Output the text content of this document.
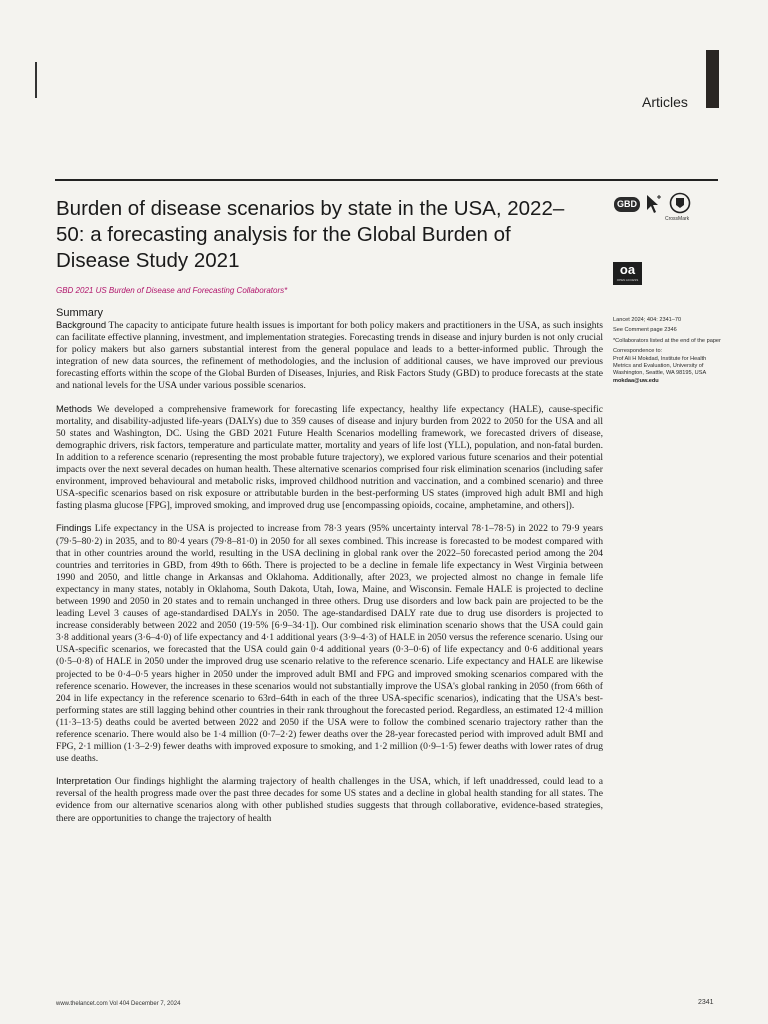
Articles
Burden of disease scenarios by state in the USA, 2022–50: a forecasting analysis for the Global Burden of Disease Study 2021
GBD 2021 US Burden of Disease and Forecasting Collaborators*
GBD
CrossMark
oa
OPEN ACCESS
Summary

Background The capacity to anticipate future health issues is important for both policy makers and practitioners in the USA, as such insights can facilitate effective planning, investment, and implementation strategies. Forecasting trends in disease and injury burden is not only crucial for policy makers but also garners substantial interest from the general populace and leads to a better-informed public. Through the integration of new data sources, the refinement of methodologies, and the inclusion of additional causes, we have improved our previous forecasting efforts within the scope of the Global Burden of Diseases, Injuries, and Risk Factors Study (GBD) to produce forecasts at the state and national levels for the USA under various possible scenarios.

Methods We developed a comprehensive framework for forecasting life expectancy, healthy life expectancy (HALE), cause-specific mortality, and disability-adjusted life-years (DALYs) due to 359 causes of disease and injury burden from 2022 to 2050 for the USA and all 50 states and Washington, DC. Using the GBD 2021 Future Health Scenarios modelling framework, we forecasted drivers of disease, demographic drivers, risk factors, temperature and particulate matter, mortality and years of life lost (YLL), population, and non-fatal burden. In addition to a reference scenario (representing the most probable future trajectory), we explored various future scenarios and their potential impacts over the next several decades on human health. These alternative scenarios comprised four risk elimination scenarios (including safer environment, improved behavioural and metabolic risks, improved childhood nutrition and vaccination, and a combined scenario) and three USA-specific scenarios based on risk exposure or attributable burden in the best-performing US states (improved high adult BMI and high fasting plasma glucose [FPG], improved smoking, and improved drug use [encompassing opioids, cocaine, amphetamine, and others]).

Findings Life expectancy in the USA is projected to increase from 78·3 years (95% uncertainty interval 78·1–78·5) in 2022 to 79·9 years (79·5–80·2) in 2035, and to 80·4 years (79·8–81·0) in 2050 for all sexes combined. This increase is forecasted to be modest compared with that in other countries around the world, resulting in the USA declining in global rank over the 2022–50 forecasted period among the 204 countries and territories in GBD, from 49th to 66th. There is projected to be a decline in female life expectancy in West Virginia between 1990 and 2050, and little change in Arkansas and Oklahoma. Additionally, after 2023, we projected almost no change in female life expectancy in many states, notably in Oklahoma, South Dakota, Utah, Iowa, Maine, and Wisconsin. Female HALE is projected to decline between 1990 and 2050 in 20 states and to remain unchanged in three others. Drug use disorders and low back pain are projected to be the leading Level 3 causes of age-standardised DALYs in 2050. The age-standardised DALY rate due to drug use disorders is projected to increase considerably between 2022 and 2050 (19·5% [6·9–34·1]). Our combined risk elimination scenario shows that the USA could gain 3·8 additional years (3·6–4·0) of life expectancy and 4·1 additional years (3·9–4·3) of HALE in 2050 versus the reference scenario. Using our USA-specific scenarios, we forecasted that the USA could gain 0·4 additional years (0·3–0·6) of life expectancy and 0·6 additional years (0·5–0·8) of HALE in 2050 under the improved drug use scenario relative to the reference scenario. Life expectancy and HALE are likewise projected to be 0·4–0·5 years higher in 2050 under the improved adult BMI and FPG and improved smoking scenarios compared with the reference scenario. However, the increases in these scenarios would not substantially improve the USA's global ranking in 2050 (from 66th of 204 in life expectancy in the reference scenario to 63rd–64th in each of the three USA-specific scenarios), indicating that the USA's best-performing states are still lagging behind other countries in their rank throughout the forecasted period. Regardless, an estimated 12·4 million (11·3–13·5) deaths could be averted between 2022 and 2050 if the USA were to follow the combined scenario trajectory rather than the reference scenario. There would also be 1·4 million (0·7–2·2) fewer deaths over the 28-year forecasted period with improved adult BMI and FPG, 2·1 million (1·3–2·9) fewer deaths with improved exposure to smoking, and 1·2 million (0·9–1·5) fewer deaths with lower rates of drug use deaths.

Interpretation Our findings highlight the alarming trajectory of health challenges in the USA, which, if left unaddressed, could lead to a reversal of the health progress made over the past three decades for some US states and a decline in global health standing for all states. The evidence from our alternative scenarios along with other published studies suggests that through collaborative, evidence-based strategies, there are opportunities to change the trajectory of health

Lancet 2024; 404: 2341–70
See Comment page 2346
*Collaborators listed at the end of the paper
Correspondence to:
Prof Ali H Mokdad, Institute for Health Metrics and Evaluation, University of Washington, Seattle, WA 98195, USA
mokdaa@uw.edu
www.thelancet.com Vol 404 December 7, 2024	2341
